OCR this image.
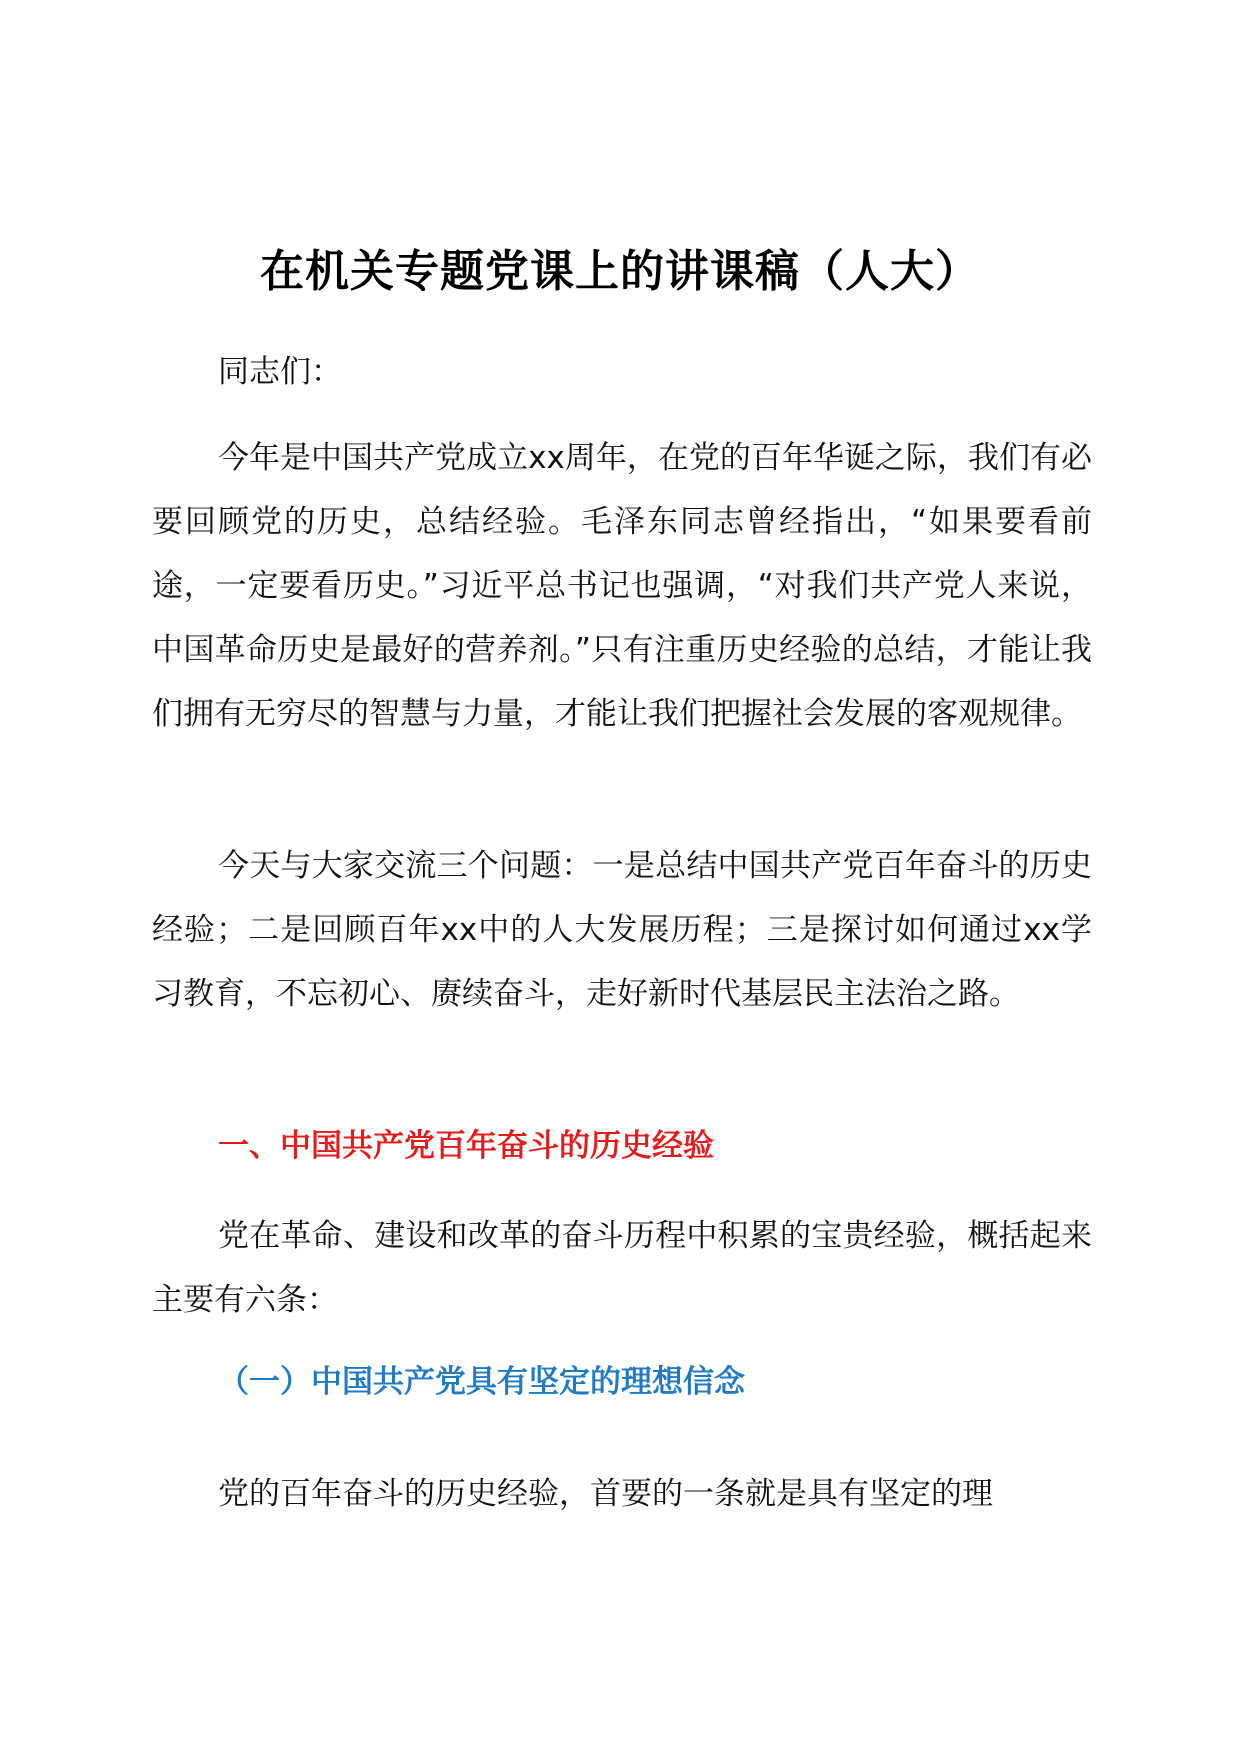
在机关专题党课上的讲课稿（人大）

同志们：

今年是中国共产党成立xx周年，在党的百年华诞之际，我们有必要回顾党的历史，总结经验。毛泽东同志曾经指出，“如果要看前途，一定要看历史。”习近平总书记也强调，“对我们共产党人来说，中国革命历史是最好的营养剂。”只有注重历史经验的总结，才能让我们拥有无穷尽的智慧与力量，才能让我们把握社会发展的客观规律。

今天与大家交流三个问题：一是总结中国共产党百年奋斗的历史经验；二是回顾百年xx中的人大发展历程；三是探讨如何通过xx学习教育，不忘初心、赓续奋斗，走好新时代基层民主法治之路。

一、中国共产党百年奋斗的历史经验

党在革命、建设和改革的奋斗历程中积累的宝贵经验，概括起来主要有六条：

（一）中国共产党具有坚定的理想信念

党的百年奋斗的历史经验，首要的一条就是具有坚定的理
